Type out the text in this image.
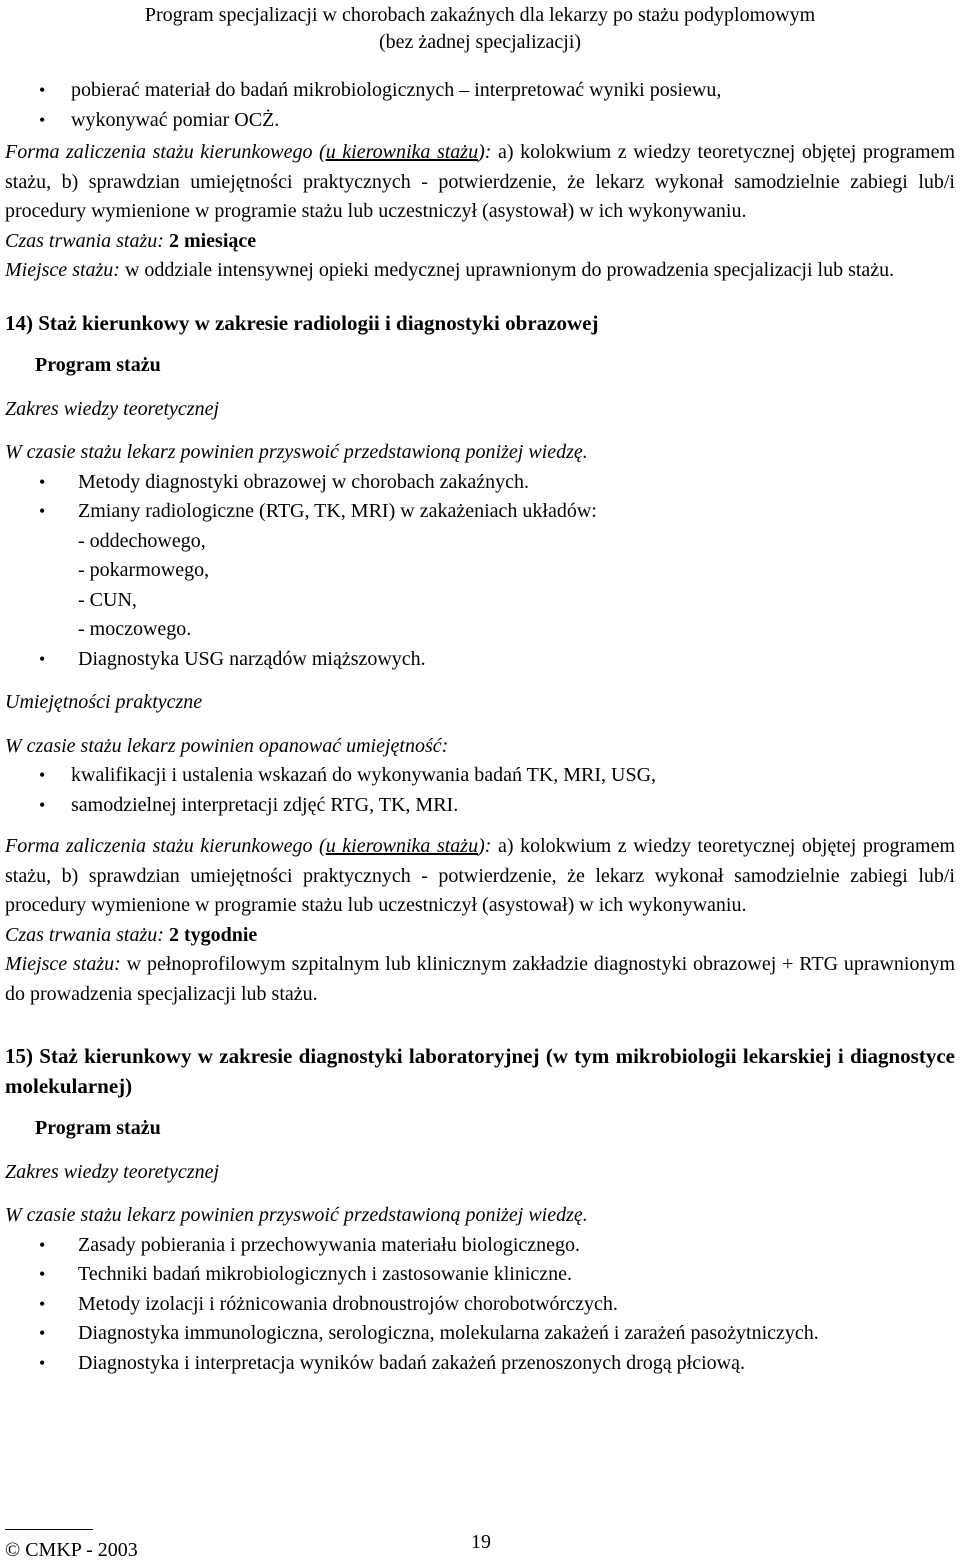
Program specjalizacji w chorobach zakaźnych dla lekarzy po stażu podyplomowym
(bez żadnej specjalizacji)
• pobierać materiał do badań mikrobiologicznych – interpretować wyniki posiewu,
• wykonywać pomiar OCŻ.

Forma zaliczenia stażu kierunkowego (u kierownika stażu): a) kolokwium z wiedzy teoretycznej objętej programem stażu, b) sprawdzian umiejętności praktycznych - potwierdzenie, że lekarz wykonał samodzielnie zabiegi lub/i procedury wymienione w programie stażu lub uczestniczył (asystował) w ich wykonywaniu.

Czas trwania stażu: 2 miesiące

Miejsce stażu: w oddziale intensywnej opieki medycznej uprawnionym do prowadzenia specjalizacji lub stażu.

14) Staż kierunkowy w zakresie radiologii i diagnostyki obrazowej
Program stażu
Zakres wiedzy teoretycznej
W czasie stażu lekarz powinien przyswoić przedstawioną poniżej wiedzę.
• Metody diagnostyki obrazowej w chorobach zakaźnych.
• Zmiany radiologiczne (RTG, TK, MRI) w zakażeniach układów:
- oddechowego,
- pokarmowego,
- CUN,
- moczowego.
• Diagnostyka USG narządów miąższowych.
Umiejętności praktyczne
W czasie stażu lekarz powinien opanować umiejętność:
• kwalifikacji i ustalenia wskazań do wykonywania badań TK, MRI, USG,
• samodzielnej interpretacji zdjęć RTG, TK, MRI.

Forma zaliczenia stażu kierunkowego (u kierownika stażu): a) kolokwium z wiedzy teoretycznej objętej programem stażu, b) sprawdzian umiejętności praktycznych - potwierdzenie, że lekarz wykonał samodzielnie zabiegi lub/i procedury wymienione w programie stażu lub uczestniczył (asystował) w ich wykonywaniu.

Czas trwania stażu: 2 tygodnie

Miejsce stażu: w pełnoprofilowym szpitalnym lub klinicznym zakładzie diagnostyki obrazowej + RTG uprawnionym do prowadzenia specjalizacji lub stażu.

15) Staż kierunkowy w zakresie diagnostyki laboratoryjnej (w tym mikrobiologii lekarskiej i diagnostyce molekularnej)
Program stażu
Zakres wiedzy teoretycznej
W czasie stażu lekarz powinien przyswoić przedstawioną poniżej wiedzę.
• Zasady pobierania i przechowywania materiału biologicznego.
• Techniki badań mikrobiologicznych i zastosowanie kliniczne.
• Metody izolacji i różnicowania drobnoustrojów chorobotwórczych.
• Diagnostyka immunologiczna, serologiczna, molekularna zakażeń i zarażeń pasożytniczych.
• Diagnostyka i interpretacja wyników badań zakażeń przenoszonych drogą płciową.
© CMKP - 2003	19
